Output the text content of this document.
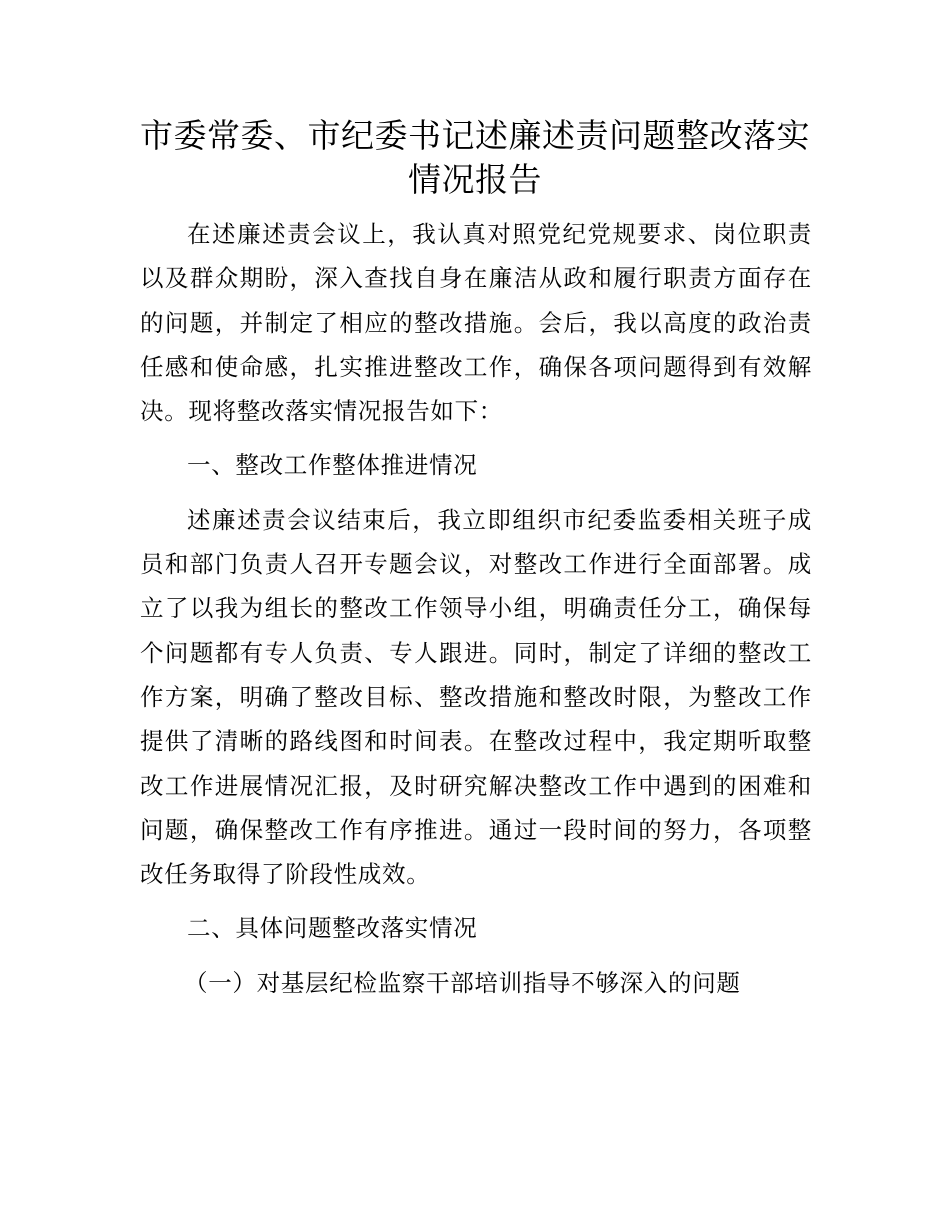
市委常委、市纪委书记述廉述责问题整改落实
情况报告

在述廉述责会议上，我认真对照党纪党规要求、岗位职责以及群众期盼，深入查找自身在廉洁从政和履行职责方面存在的问题，并制定了相应的整改措施。会后，我以高度的政治责任感和使命感，扎实推进整改工作，确保各项问题得到有效解决。现将整改落实情况报告如下：

一、整改工作整体推进情况

述廉述责会议结束后，我立即组织市纪委监委相关班子成员和部门负责人召开专题会议，对整改工作进行全面部署。成立了以我为组长的整改工作领导小组，明确责任分工，确保每个问题都有专人负责、专人跟进。同时，制定了详细的整改工作方案，明确了整改目标、整改措施和整改时限，为整改工作提供了清晰的路线图和时间表。在整改过程中，我定期听取整改工作进展情况汇报，及时研究解决整改工作中遇到的困难和问题，确保整改工作有序推进。通过一段时间的努力，各项整改任务取得了阶段性成效。

二、具体问题整改落实情况

（一）对基层纪检监察干部培训指导不够深入的问题
